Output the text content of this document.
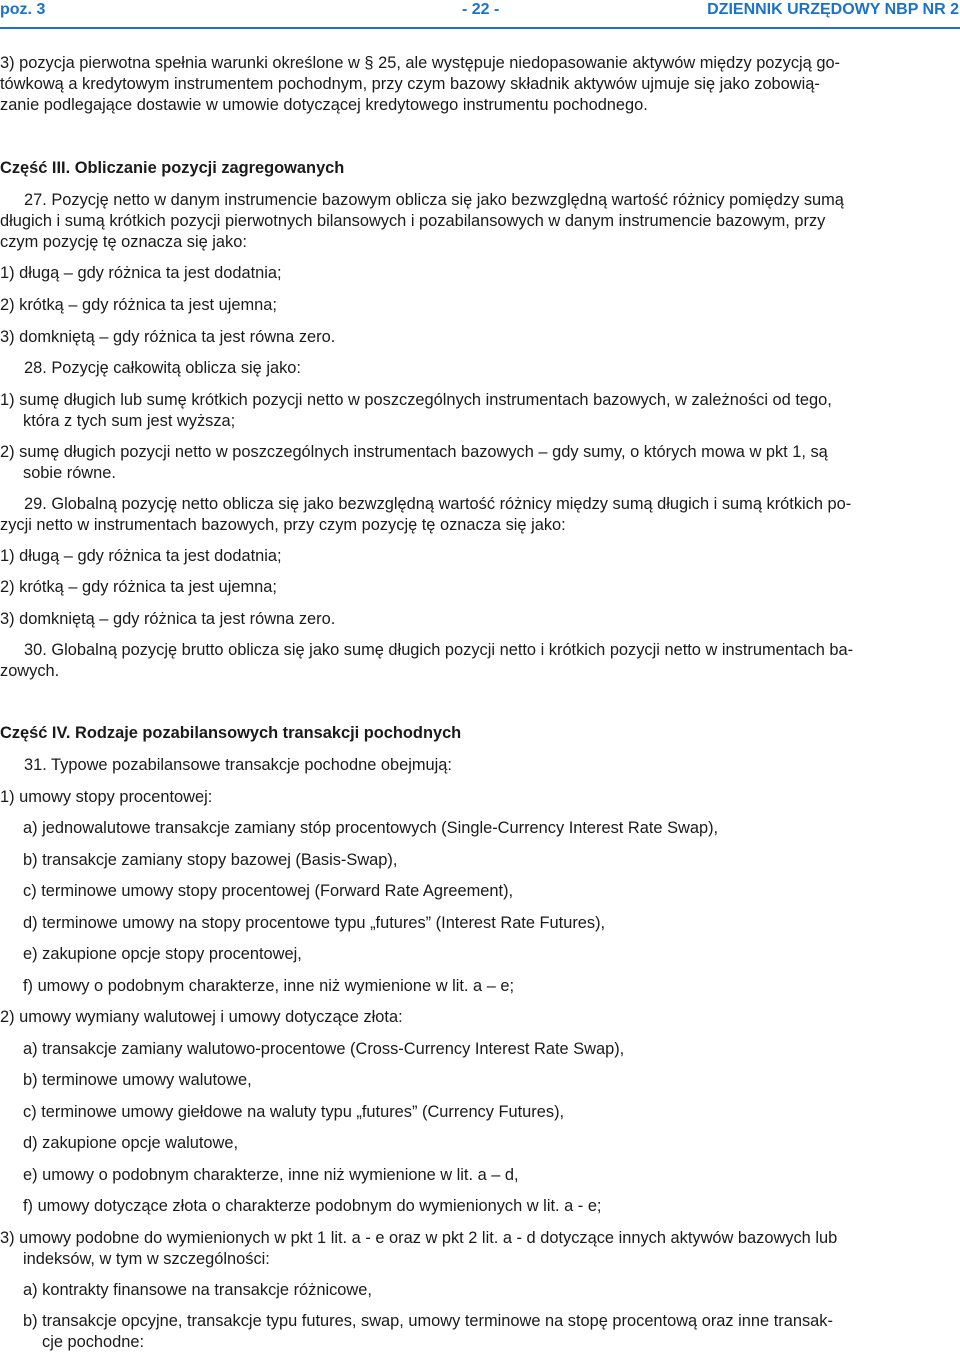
poz. 3	- 22 -	DZIENNIK URZĘDOWY NBP NR 2

3) pozycja pierwotna spełnia warunki określone w § 25, ale występuje niedopasowanie aktywów między pozycją go-
tówkową a kredytowym instrumentem pochodnym, przy czym bazowy składnik aktywów ujmuje się jako zobowią-
zanie podlegające dostawie w umowie dotyczącej kredytowego instrumentu pochodnego.

Część III. Obliczanie pozycji zagregowanych

27. Pozycję netto w danym instrumencie bazowym oblicza się jako bezwzględną wartość różnicy pomiędzy sumą
długich i sumą krótkich pozycji pierwotnych bilansowych i pozabilansowych w danym instrumencie bazowym, przy
czym pozycję tę oznacza się jako:

1) długą – gdy różnica ta jest dodatnia;

2) krótką – gdy różnica ta jest ujemna;

3) domkniętą – gdy różnica ta jest równa zero.

28. Pozycję całkowitą oblicza się jako:

1) sumę długich lub sumę krótkich pozycji netto w poszczególnych instrumentach bazowych, w zależności od tego,
która z tych sum jest wyższa;

2) sumę długich pozycji netto w poszczególnych instrumentach bazowych – gdy sumy, o których mowa w pkt 1, są
sobie równe.

29. Globalną pozycję netto oblicza się jako bezwzględną wartość różnicy między sumą długich i sumą krótkich po-
zycji netto w instrumentach bazowych, przy czym pozycję tę oznacza się jako:

1) długą – gdy różnica ta jest dodatnia;

2) krótką – gdy różnica ta jest ujemna;

3) domkniętą – gdy różnica ta jest równa zero.

30. Globalną pozycję brutto oblicza się jako sumę długich pozycji netto i krótkich pozycji netto w instrumentach ba-
zowych.

Część IV. Rodzaje pozabilansowych transakcji pochodnych

31. Typowe pozabilansowe transakcje pochodne obejmują:

1) umowy stopy procentowej:

a) jednowalutowe transakcje zamiany stóp procentowych (Single-Currency Interest Rate Swap),

b) transakcje zamiany stopy bazowej (Basis-Swap),

c) terminowe umowy stopy procentowej (Forward Rate Agreement),

d) terminowe umowy na stopy procentowe typu „futures” (Interest Rate Futures),

e) zakupione opcje stopy procentowej,

f) umowy o podobnym charakterze, inne niż wymienione w lit. a – e;

2) umowy wymiany walutowej i umowy dotyczące złota:

a) transakcje zamiany walutowo-procentowe (Cross-Currency Interest Rate Swap),

b) terminowe umowy walutowe,

c) terminowe umowy giełdowe na waluty typu „futures” (Currency Futures),

d) zakupione opcje walutowe,

e) umowy o podobnym charakterze, inne niż wymienione w lit. a – d,

f) umowy dotyczące złota o charakterze podobnym do wymienionych w lit. a - e;

3) umowy podobne do wymienionych w pkt 1 lit. a - e oraz w pkt 2 lit. a - d dotyczące innych aktywów bazowych lub
indeksów, w tym w szczególności:

a) kontrakty finansowe na transakcje różnicowe,

b) transakcje opcyjne, transakcje typu futures, swap, umowy terminowe na stopę procentową oraz inne transak-
cje pochodne:
